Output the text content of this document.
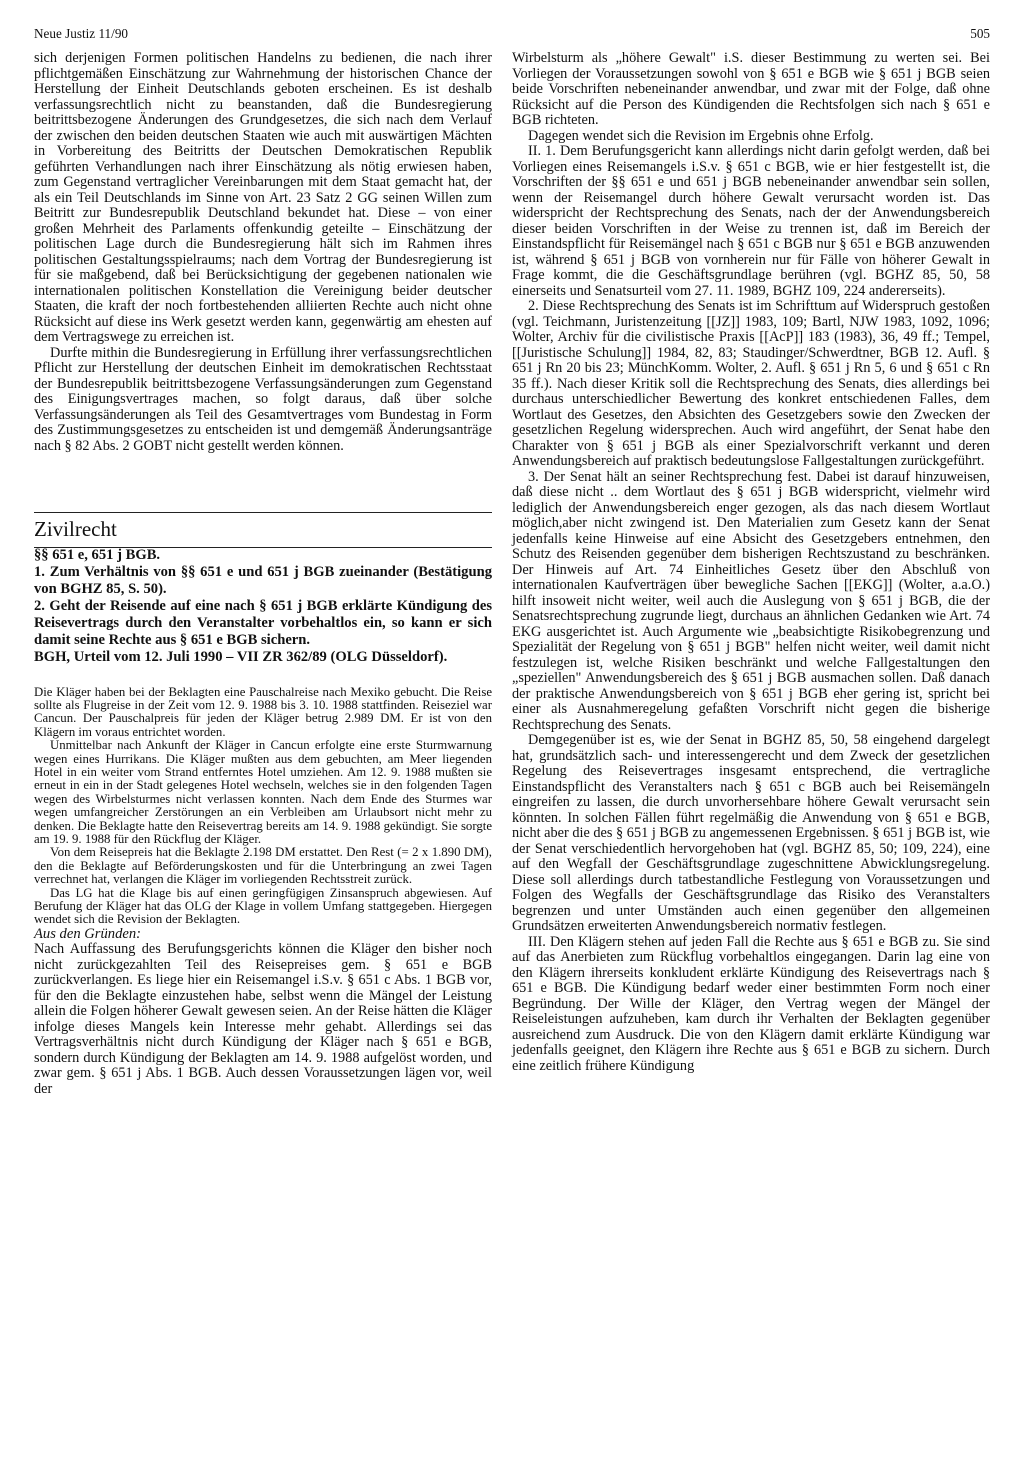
Neue Justiz 11/90	505

sich derjenigen Formen politischen Handelns zu bedienen, die nach ihrer pflichtgemäßen Einschätzung zur Wahrnehmung der historischen Chance der Herstellung der Einheit Deutschlands geboten erscheinen. Es ist deshalb verfassungsrechtlich nicht zu beanstanden, daß die Bundesregierung beitrittsbezogene Änderungen des Grundgesetzes, die sich nach dem Verlauf der zwischen den beiden deutschen Staaten wie auch mit auswärtigen Mächten in Vorbereitung des Beitritts der Deutschen Demokratischen Republik geführten Verhandlungen nach ihrer Einschätzung als nötig erwiesen haben, zum Gegenstand vertraglicher Vereinbarungen mit dem Staat gemacht hat, der als ein Teil Deutschlands im Sinne von Art. 23 Satz 2 GG seinen Willen zum Beitritt zur Bundesrepublik Deutschland bekundet hat. Diese – von einer großen Mehrheit des Parlaments offenkundig geteilte – Einschätzung der politischen Lage durch die Bundesregierung hält sich im Rahmen ihres politischen Gestaltungsspielraums; nach dem Vortrag der Bundesregierung ist für sie maßgebend, daß bei Berücksichtigung der gegebenen nationalen wie internationalen politischen Konstellation die Vereinigung beider deutscher Staaten, die kraft der noch fortbestehenden alliierten Rechte auch nicht ohne Rücksicht auf diese ins Werk gesetzt werden kann, gegenwärtig am ehesten auf dem Vertragswege zu erreichen ist.

Durfte mithin die Bundesregierung in Erfüllung ihrer verfassungsrechtlichen Pflicht zur Herstellung der deutschen Einheit im demokratischen Rechtsstaat der Bundesrepublik beitrittsbezogene Verfassungsänderungen zum Gegenstand des Einigungsvertrages machen, so folgt daraus, daß über solche Verfassungsänderungen als Teil des Gesamtvertrages vom Bundestag in Form des Zustimmungsgesetzes zu entscheiden ist und demgemäß Änderungsanträge nach § 82 Abs. 2 GOBT nicht gestellt werden können.

Zivilrecht

§§ 651 e, 651 j BGB.

1. Zum Verhältnis von §§ 651 e und 651 j BGB zueinander (Bestätigung von BGHZ 85, S. 50).

2. Geht der Reisende auf eine nach § 651 j BGB erklärte Kündigung des Reisevertrags durch den Veranstalter vorbehaltlos ein, so kann er sich damit seine Rechte aus § 651 e BGB sichern.

BGH, Urteil vom 12. Juli 1990 – VII ZR 362/89 (OLG Düsseldorf).

Die Kläger haben bei der Beklagten eine Pauschalreise nach Mexiko gebucht. Die Reise sollte als Flugreise in der Zeit vom 12. 9. 1988 bis 3. 10. 1988 stattfinden. Reiseziel war Cancun. Der Pauschalpreis für jeden der Kläger betrug 2.989 DM. Er ist von den Klägern im voraus entrichtet worden.

Unmittelbar nach Ankunft der Kläger in Cancun erfolgte eine erste Sturmwarnung wegen eines Hurrikans. Die Kläger mußten aus dem gebuchten, am Meer liegenden Hotel in ein weiter vom Strand entferntes Hotel umziehen. Am 12. 9. 1988 mußten sie erneut in ein in der Stadt gelegenes Hotel wechseln, welches sie in den folgenden Tagen wegen des Wirbelsturmes nicht verlassen konnten. Nach dem Ende des Sturmes war wegen umfangreicher Zerstörungen an ein Verbleiben am Urlaubsort nicht mehr zu denken. Die Beklagte hatte den Reisevertrag bereits am 14. 9. 1988 gekündigt. Sie sorgte am 19. 9. 1988 für den Rückflug der Kläger.

Von dem Reisepreis hat die Beklagte 2.198 DM erstattet. Den Rest (= 2 x 1.890 DM), den die Beklagte auf Beförderungskosten und für die Unterbringung an zwei Tagen verrechnet hat, verlangen die Kläger im vorliegenden Rechtsstreit zurück.

Das LG hat die Klage bis auf einen geringfügigen Zinsanspruch abgewiesen. Auf Berufung der Kläger hat das OLG der Klage in vollem Umfang stattgegeben. Hiergegen wendet sich die Revision der Beklagten.

Aus den Gründen:

Nach Auffassung des Berufungsgerichts können die Kläger den bisher noch nicht zurückgezahlten Teil des Reisepreises gem. § 651 e BGB zurückverlangen. Es liege hier ein Reisemangel i.S.v. § 651 c Abs. 1 BGB vor, für den die Beklagte einzustehen habe, selbst wenn die Mängel der Leistung allein die Folgen höherer Gewalt gewesen seien. An der Reise hätten die Kläger infolge dieses Mangels kein Interesse mehr gehabt. Allerdings sei das Vertragsverhältnis nicht durch Kündigung der Kläger nach § 651 e BGB, sondern durch Kündigung der Beklagten am 14. 9. 1988 aufgelöst worden, und zwar gem. § 651 j Abs. 1 BGB. Auch dessen Voraussetzungen lägen vor, weil der

Wirbelsturm als „höhere Gewalt" i.S. dieser Bestimmung zu werten sei. Bei Vorliegen der Voraussetzungen sowohl von § 651 e BGB wie § 651 j BGB seien beide Vorschriften nebeneinander anwendbar, und zwar mit der Folge, daß ohne Rücksicht auf die Person des Kündigenden die Rechtsfolgen sich nach § 651 e BGB richteten.

Dagegen wendet sich die Revision im Ergebnis ohne Erfolg.

II. 1. Dem Berufungsgericht kann allerdings nicht darin gefolgt werden, daß bei Vorliegen eines Reisemangels i.S.v. § 651 c BGB, wie er hier festgestellt ist, die Vorschriften der §§ 651 e und 651 j BGB nebeneinander anwendbar sein sollen, wenn der Reisemangel durch höhere Gewalt verursacht worden ist. Das widerspricht der Rechtsprechung des Senats, nach der der Anwendungsbereich dieser beiden Vorschriften in der Weise zu trennen ist, daß im Bereich der Einstandspflicht für Reisemängel nach § 651 c BGB nur § 651 e BGB anzuwenden ist, während § 651 j BGB von vornherein nur für Fälle von höherer Gewalt in Frage kommt, die die Geschäftsgrundlage berühren (vgl. BGHZ 85, 50, 58 einerseits und Senatsurteil vom 27. 11. 1989, BGHZ 109, 224 andererseits).

2. Diese Rechtsprechung des Senats ist im Schrifttum auf Widerspruch gestoßen (vgl. Teichmann, Juristenzeitung [[JZ]] 1983, 109; Bartl, NJW 1983, 1092, 1096; Wolter, Archiv für die civilistische Praxis [[AcP]] 183 (1983), 36, 49 ff.; Tempel, [[Juristische Schulung]] 1984, 82, 83; Staudinger/Schwerdtner, BGB 12. Aufl. § 651 j Rn 20 bis 23; MünchKomm. Wolter, 2. Aufl. § 651 j Rn 5, 6 und § 651 c Rn 35 ff.). Nach dieser Kritik soll die Rechtsprechung des Senats, dies allerdings bei durchaus unterschiedlicher Bewertung des konkret entschiedenen Falles, dem Wortlaut des Gesetzes, den Absichten des Gesetzgebers sowie den Zwecken der gesetzlichen Regelung widersprechen. Auch wird angeführt, der Senat habe den Charakter von § 651 j BGB als einer Spezialvorschrift verkannt und deren Anwendungsbereich auf praktisch bedeutungslose Fallgestaltungen zurückgeführt.

3. Der Senat hält an seiner Rechtsprechung fest. Dabei ist darauf hinzuweisen, daß diese nicht .. dem Wortlaut des § 651 j BGB widerspricht, vielmehr wird lediglich der Anwendungsbereich enger gezogen, als das nach diesem Wortlaut möglich,aber nicht zwingend ist. Den Materialien zum Gesetz kann der Senat jedenfalls keine Hinweise auf eine Absicht des Gesetzgebers entnehmen, den Schutz des Reisenden gegenüber dem bisherigen Rechtszustand zu beschränken. Der Hinweis auf Art. 74 Einheitliches Gesetz über den Abschluß von internationalen Kaufverträgen über bewegliche Sachen [[EKG]] (Wolter, a.a.O.) hilft insoweit nicht weiter, weil auch die Auslegung von § 651 j BGB, die der Senatsrechtsprechung zugrunde liegt, durchaus an ähnlichen Gedanken wie Art. 74 EKG ausgerichtet ist. Auch Argumente wie „beabsichtigte Risikobegrenzung und Spezialität der Regelung von § 651 j BGB" helfen nicht weiter, weil damit nicht festzulegen ist, welche Risiken beschränkt und welche Fallgestaltungen den „speziellen" Anwendungsbereich des § 651 j BGB ausmachen sollen. Daß danach der praktische Anwendungsbereich von § 651 j BGB eher gering ist, spricht bei einer als Ausnahmeregelung gefaßten Vorschrift nicht gegen die bisherige Rechtsprechung des Senats.

Demgegenüber ist es, wie der Senat in BGHZ 85, 50, 58 eingehend dargelegt hat, grundsätzlich sach- und interessengerecht und dem Zweck der gesetzlichen Regelung des Reisevertrages insgesamt entsprechend, die vertragliche Einstandspflicht des Veranstalters nach § 651 c BGB auch bei Reisemängeln eingreifen zu lassen, die durch unvorhersehbare höhere Gewalt verursacht sein könnten. In solchen Fällen führt regelmäßig die Anwendung von § 651 e BGB, nicht aber die des § 651 j BGB zu angemessenen Ergebnissen. § 651 j BGB ist, wie der Senat verschiedentlich hervorgehoben hat (vgl. BGHZ 85, 50; 109, 224), eine auf den Wegfall der Geschäftsgrundlage zugeschnittene Abwicklungsregelung. Diese soll allerdings durch tatbestandliche Festlegung von Voraussetzungen und Folgen des Wegfalls der Geschäftsgrundlage das Risiko des Veranstalters begrenzen und unter Umständen auch einen gegenüber den allgemeinen Grundsätzen erweiterten Anwendungsbereich normativ festlegen.

III. Den Klägern stehen auf jeden Fall die Rechte aus § 651 e BGB zu. Sie sind auf das Anerbieten zum Rückflug vorbehaltlos eingegangen. Darin lag eine von den Klägern ihrerseits konkludent erklärte Kündigung des Reisevertrags nach § 651 e BGB. Die Kündigung bedarf weder einer bestimmten Form noch einer Begründung. Der Wille der Kläger, den Vertrag wegen der Mängel der Reiseleistungen aufzuheben, kam durch ihr Verhalten der Beklagten gegenüber ausreichend zum Ausdruck. Die von den Klägern damit erklärte Kündigung war jedenfalls geeignet, den Klägern ihre Rechte aus § 651 e BGB zu sichern. Durch eine zeitlich frühere Kündigung
